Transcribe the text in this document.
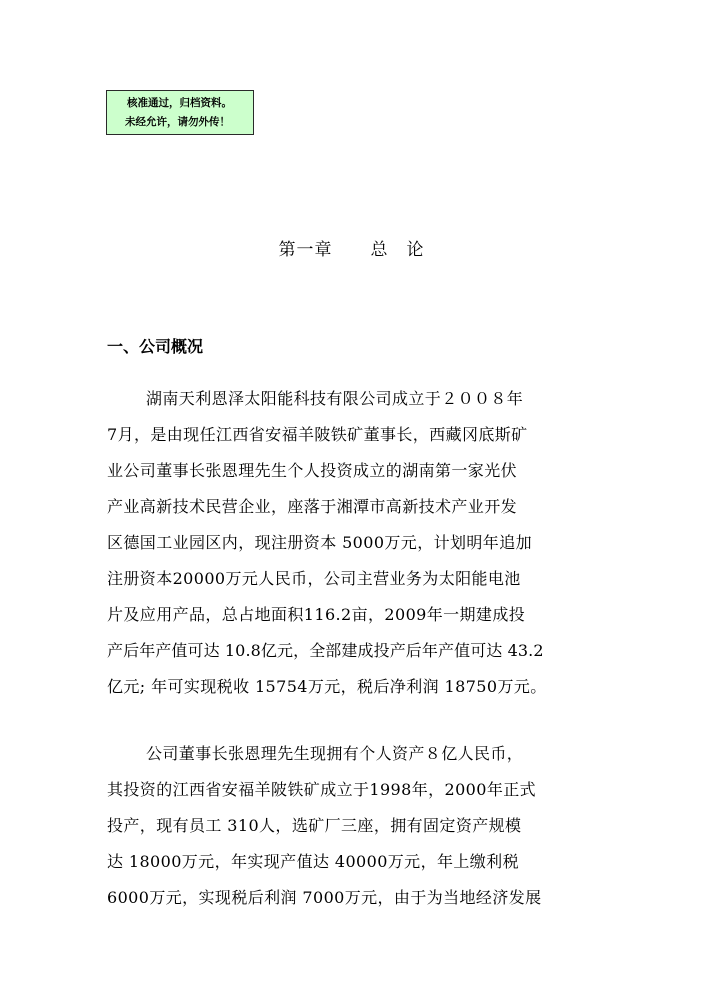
核准通过，归档资料。
未经允许，请勿外传！
第一章 总　论
一、公司概况
湖南天利恩泽太阳能科技有限公司成立于２００８年
7月，是由现任江西省安福羊陂铁矿董事长，西藏冈底斯矿
业公司董事长张恩理先生个人投资成立的湖南第一家光伏
产业高新技术民营企业，座落于湘潭市高新技术产业开发
区德国工业园区内，现注册资本 5000万元，计划明年追加
注册资本20000万元人民币，公司主营业务为太阳能电池
片及应用产品，总占地面积116.2亩，2009年一期建成投
产后年产值可达 10.8亿元，全部建成投产后年产值可达 43.2
亿元; 年可实现税收 15754万元，税后净利润 18750万元。
公司董事长张恩理先生现拥有个人资产８亿人民币，
其投资的江西省安福羊陂铁矿成立于1998年，2000年正式
投产，现有员工 310人，选矿厂三座，拥有固定资产规模
达 18000万元，年实现产值达 40000万元，年上缴利税
6000万元，实现税后利润 7000万元，由于为当地经济发展
